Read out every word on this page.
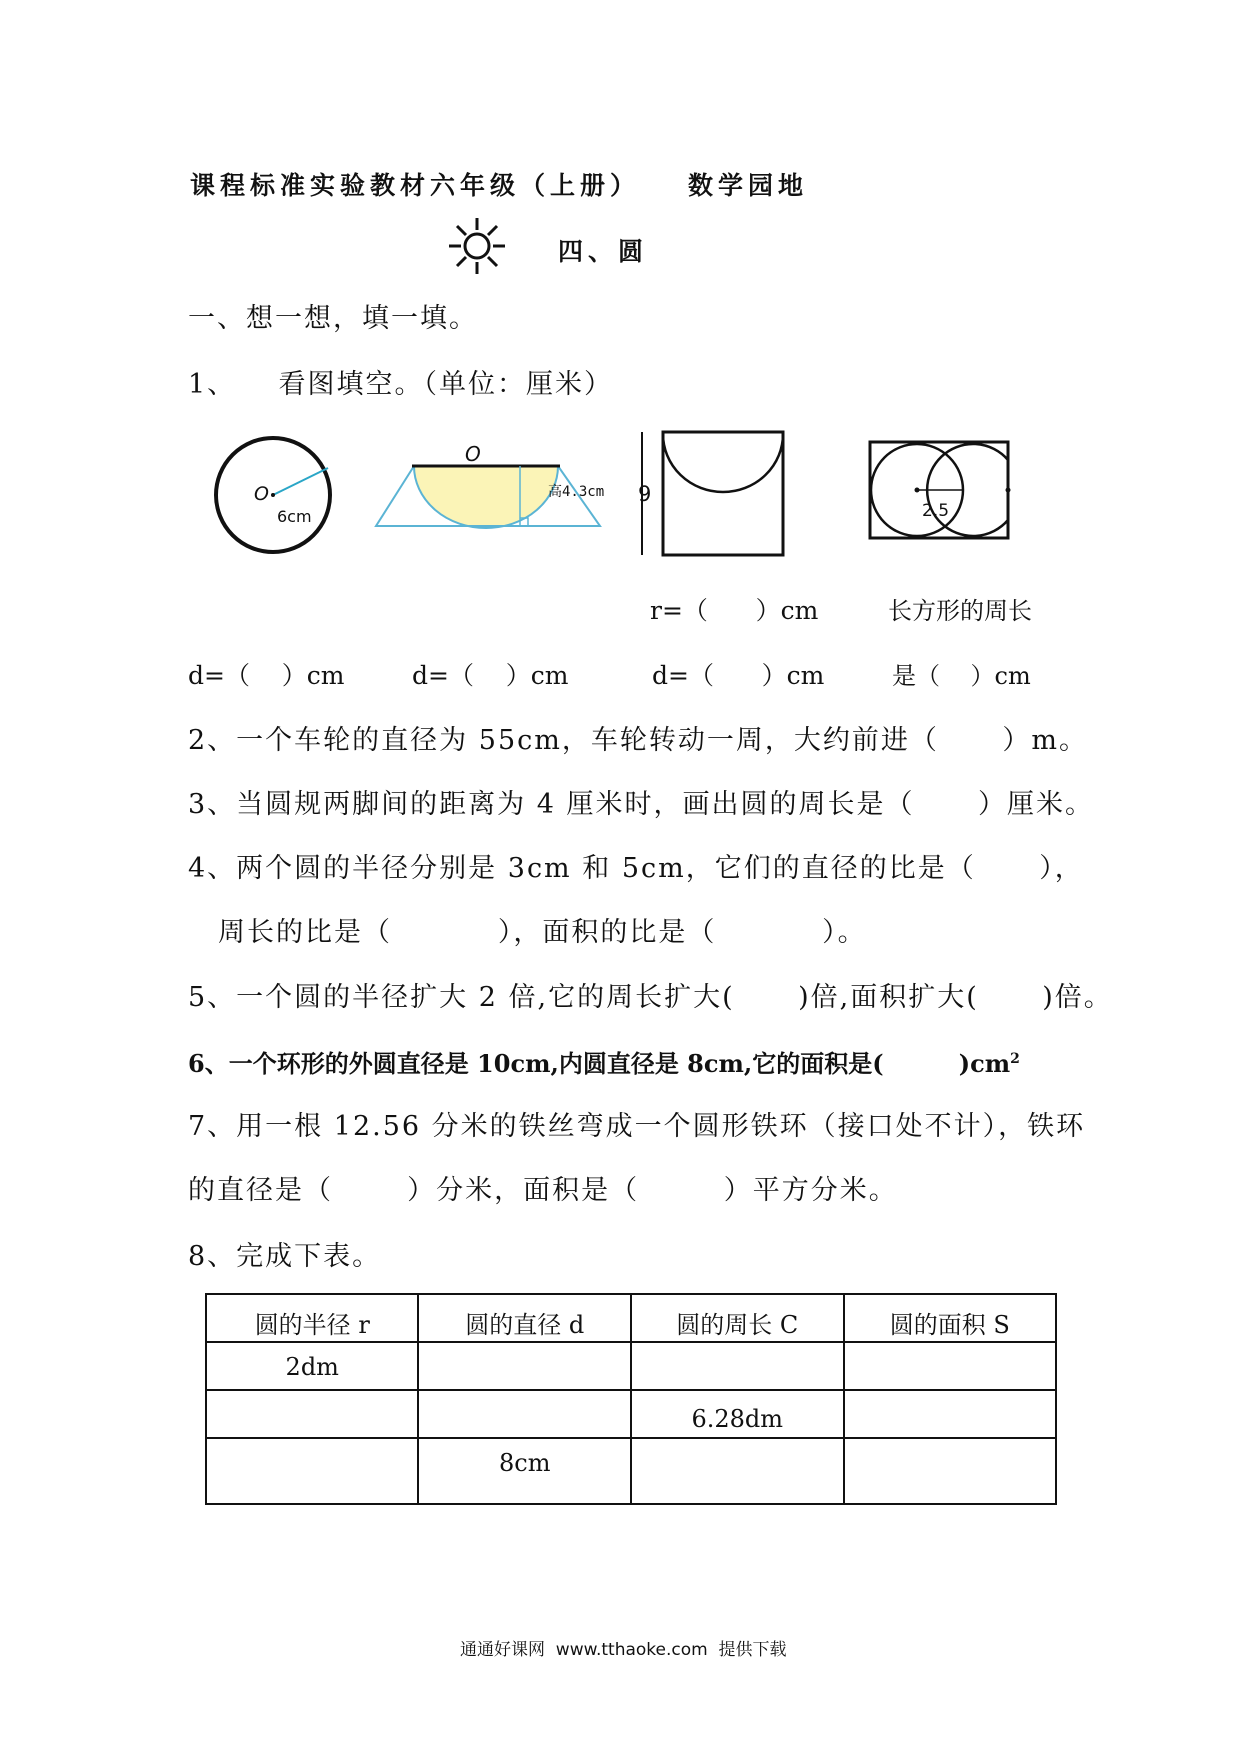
课程标准实验教材六年级（上册） 数学园地
四、圆
一、想一想，填一填。
1、    看图填空。（单位：厘米）
O
6cm
O
高4.3cm 9
2.5
r=（      ）cm	长方形的周长
d=（    ）cm	d=（    ）cm	d=（      ）cm	是（    ）cm
2、一个车轮的直径为 55cm，车轮转动一周，大约前进（      ）m。
3、当圆规两脚间的距离为 4 厘米时，画出圆的周长是（      ）厘米。
4、两个圆的半径分别是 3cm 和 5cm，它们的直径的比是（      ），
周长的比是（          ），面积的比是（          ）。
5、一个圆的半径扩大 2 倍,它的周长扩大(      )倍,面积扩大(      )倍。
6、一个环形的外圆直径是 10cm,内圆直径是 8cm,它的面积是(         )$cm^2$
7、用一根 12.56 分米的铁丝弯成一个圆形铁环（接口处不计），铁环
的直径是（       ）分米，面积是（        ）平方分米。
8、完成下表。
圆的半径 r	圆的直径 d	圆的周长 C	圆的面积 S
2dm			
		6.28dm	
	8cm		
通通好课网  www.tthaoke.com  提供下载
